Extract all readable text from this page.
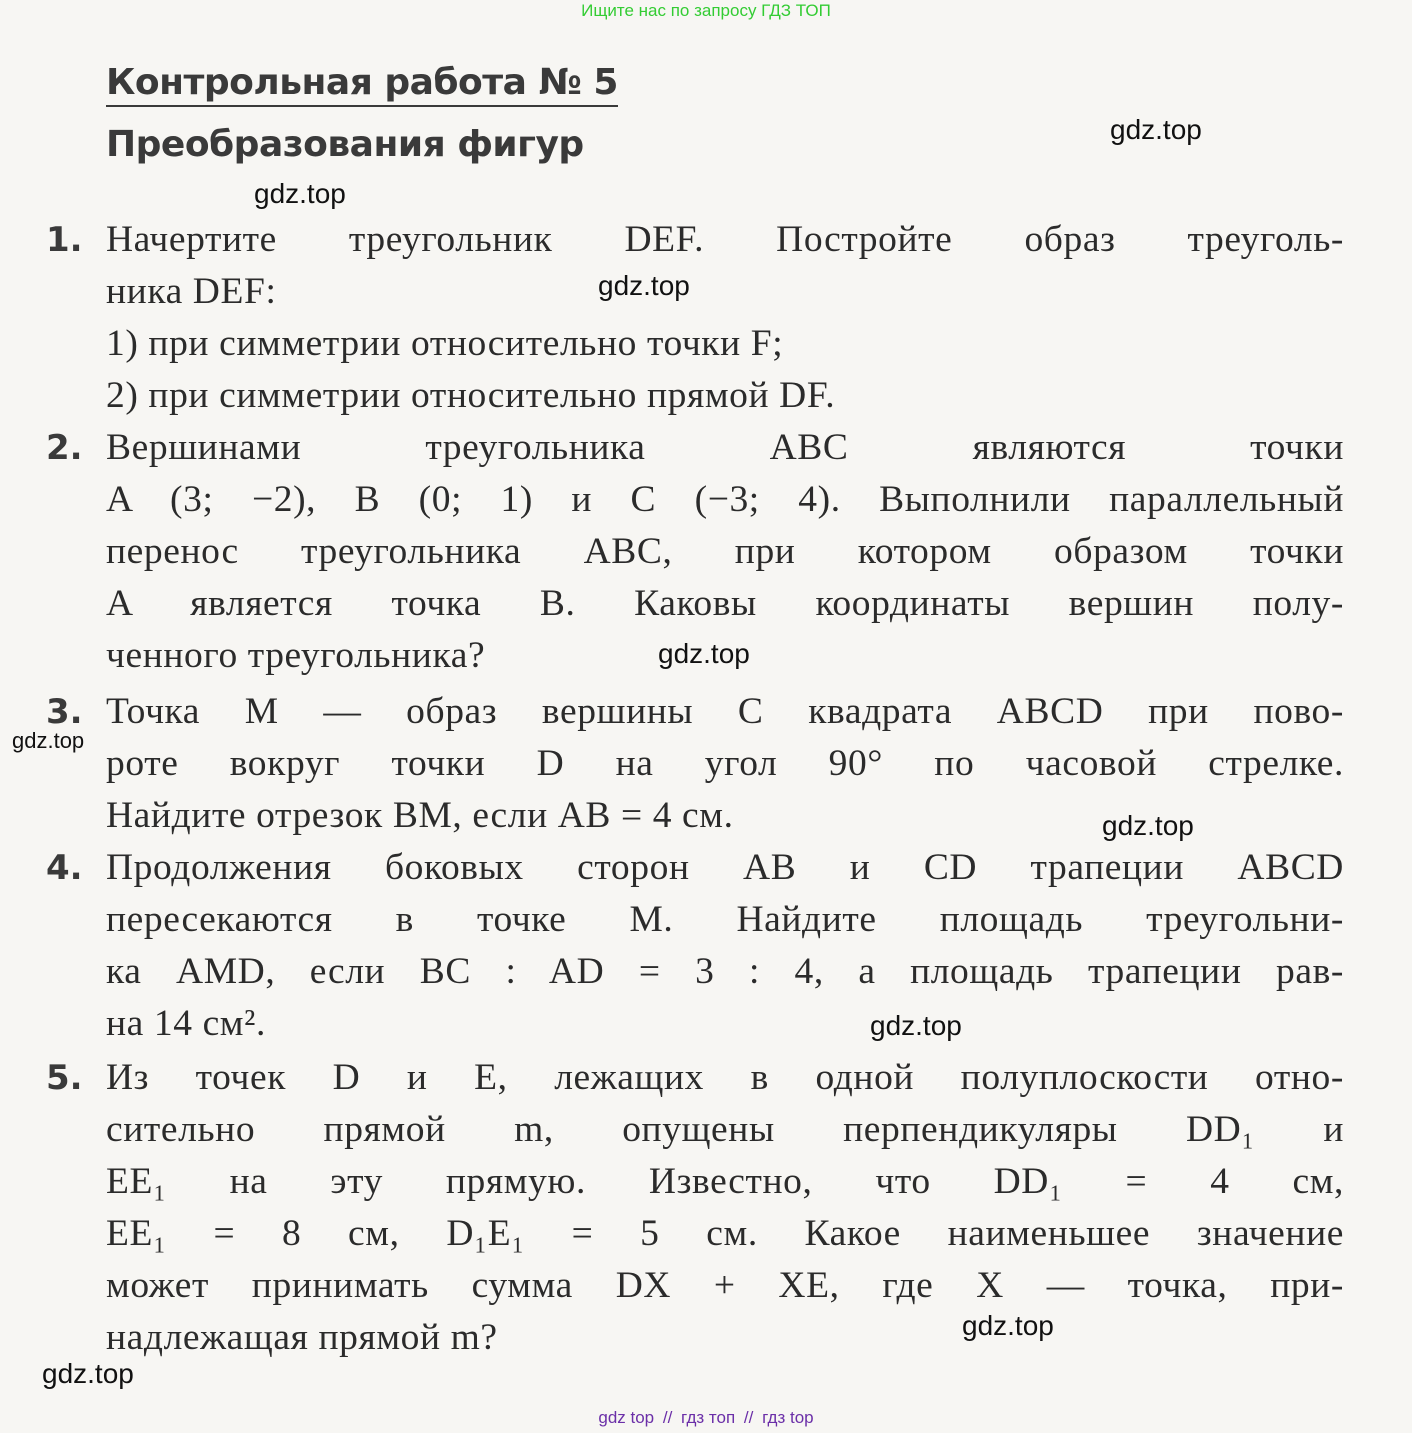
Ищите нас по запросу ГДЗ ТОП
Контрольная работа № 5
Преобразования фигур
1. Начертите треугольник DEF. Постройте образ треуголь-
ника DEF:
1) при симметрии относительно точки F;
2) при симметрии относительно прямой DF.
2. Вершинами треугольника ABC являются точки
A (3; −2), B (0; 1) и C (−3; 4). Выполнили параллельный
перенос треугольника ABC, при котором образом точки
A является точка B. Каковы координаты вершин полу-
ченного треугольника?
3. Точка M — образ вершины C квадрата ABCD при пово-
роте вокруг точки D на угол 90° по часовой стрелке.
Найдите отрезок BM, если AB = 4 см.
4. Продолжения боковых сторон AB и CD трапеции ABCD
пересекаются в точке M. Найдите площадь треугольни-
ка AMD, если BC : AD = 3 : 4, а площадь трапеции рав-
на 14 см².
5. Из точек D и E, лежащих в одной полуплоскости отно-
сительно прямой m, опущены перпендикуляры DD₁ и
EE₁ на эту прямую. Известно, что DD₁ = 4 см,
EE₁ = 8 см, D₁E₁ = 5 см. Какое наименьшее значение
может принимать сумма DX + XE, где X — точка, при-
надлежащая прямой m?
gdz.top
gdz.top
gdz.top
gdz.top
gdz.top
gdz.top
gdz.top
gdz.top
gdz.top
gdz top // гдз топ // гдз top
